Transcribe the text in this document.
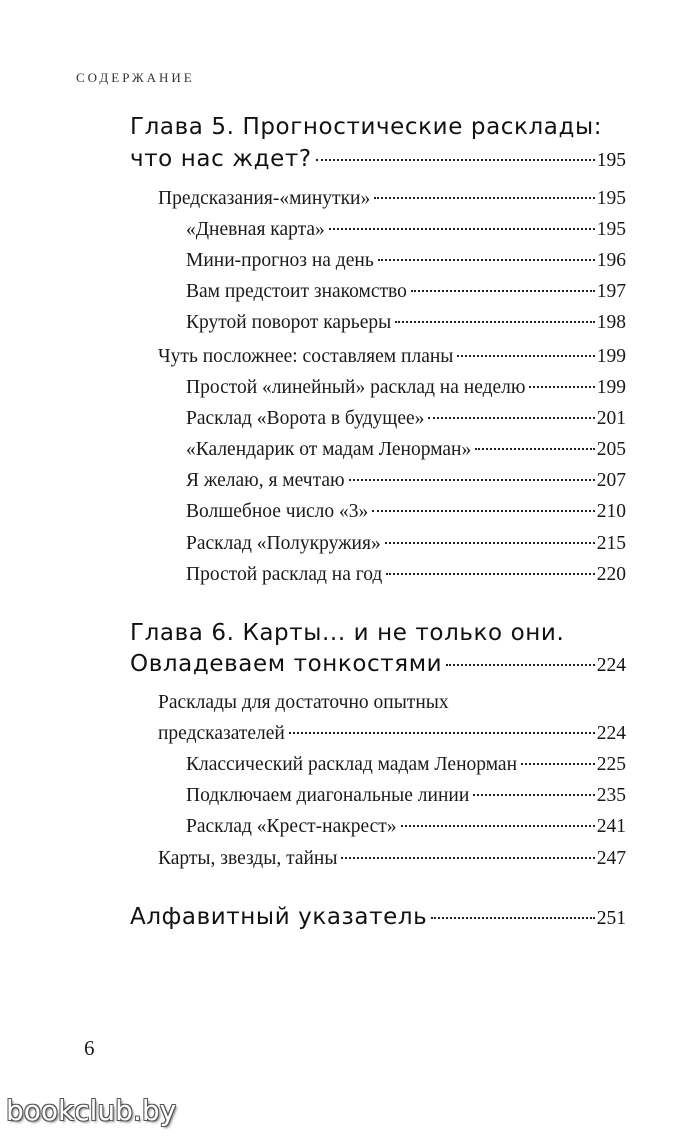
СОДЕРЖАНИЕ
Глава 5. Прогностические расклады:
что нас ждет?	195
Предсказания-«минутки»	195
«Дневная карта»	195
Мини-прогноз на день	196
Вам предстоит знакомство	197
Крутой поворот карьеры	198
Чуть посложнее: составляем планы	199
Простой «линейный» расклад на неделю	199
Расклад «Ворота в будущее»	201
«Календарик от мадам Ленорман»	205
Я желаю, я мечтаю	207
Волшебное число «3»	210
Расклад «Полукружия»	215
Простой расклад на год	220
Глава 6. Карты... и не только они.
Овладеваем тонкостями	224
Расклады для достаточно опытных
предсказателей	224
Классический расклад мадам Ленорман	225
Подключаем диагональные линии	235
Расклад «Крест-накрест»	241
Карты, звезды, тайны	247
Алфавитный указатель	251
6
bookclub.by
